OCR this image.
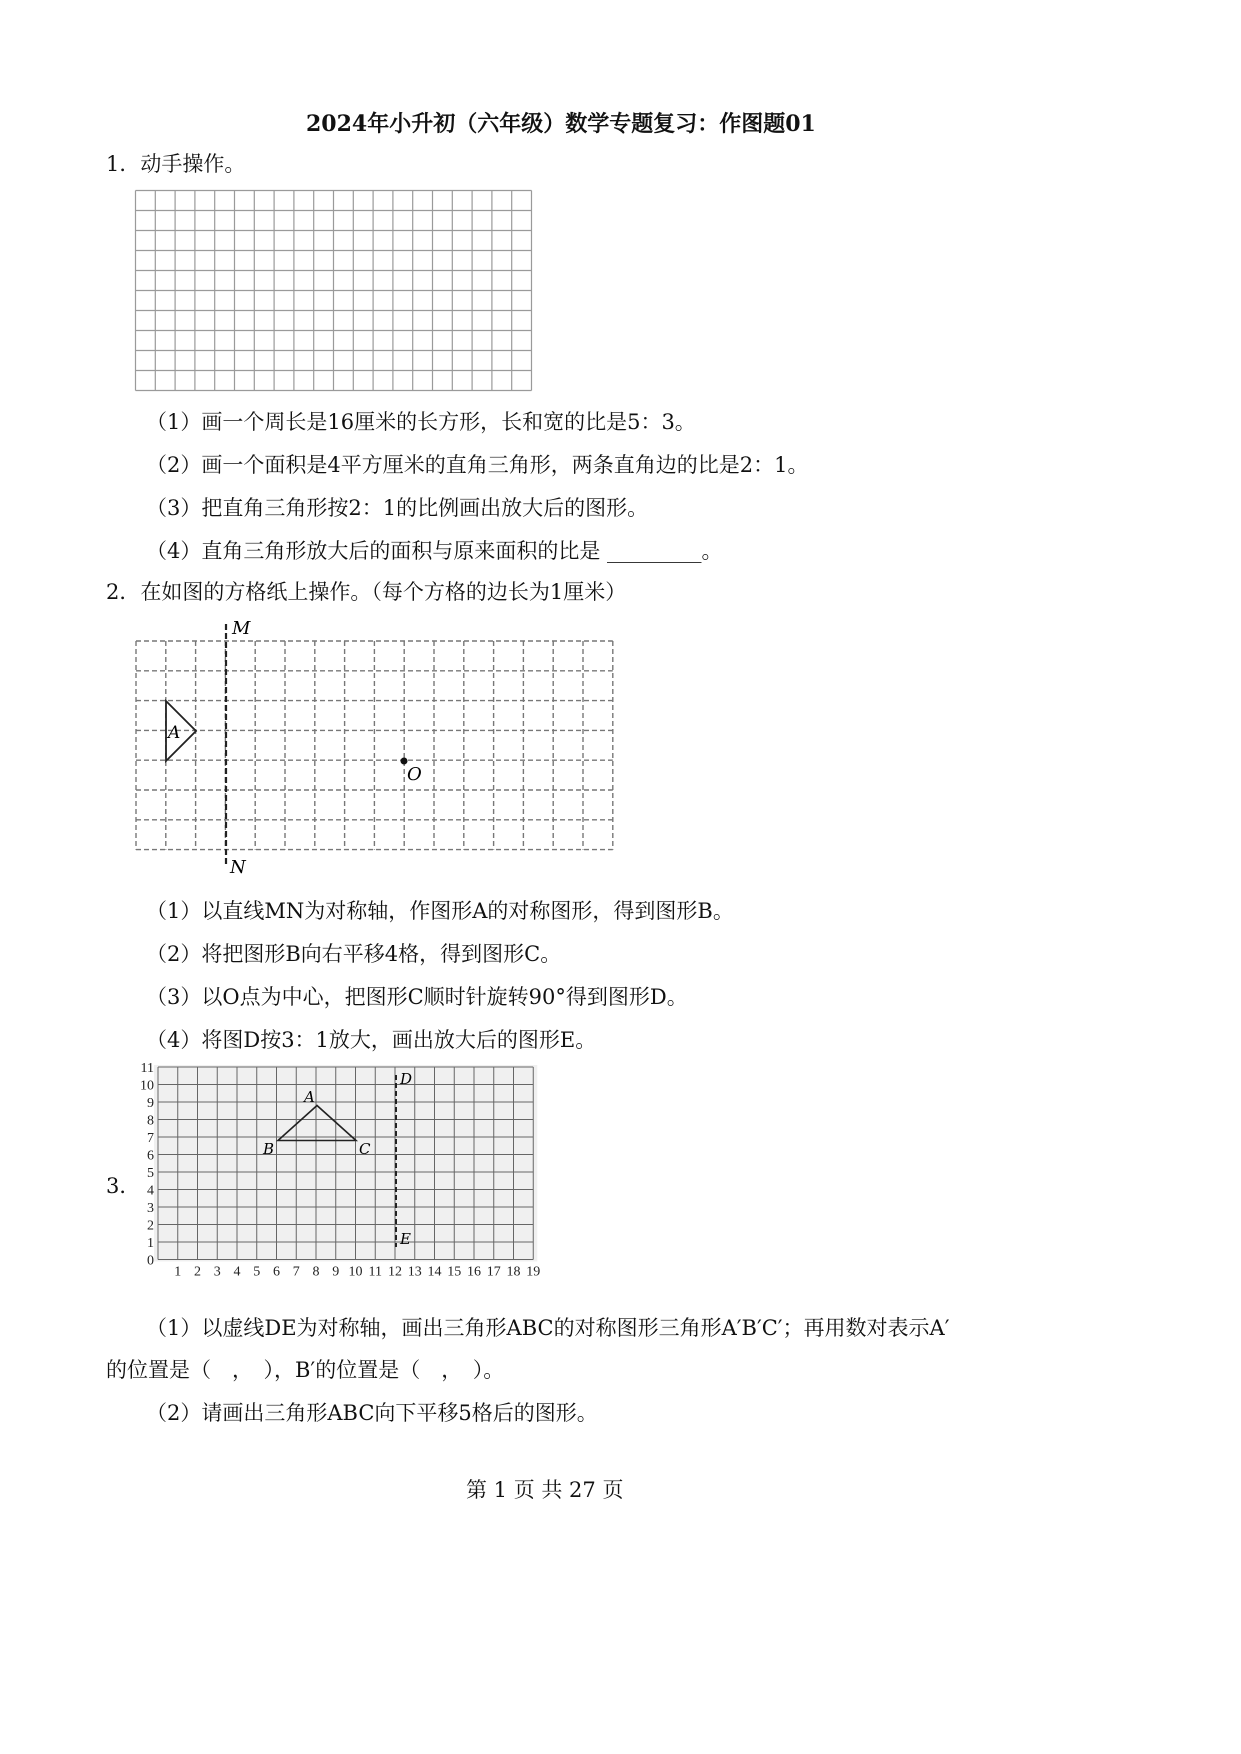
2024年小升初（六年级）数学专题复习：作图题01
1．动手操作。
（1）画一个周长是16厘米的长方形，长和宽的比是5：3。
（2）画一个面积是4平方厘米的直角三角形，两条直角边的比是2：1。
（3）把直角三角形按2：1的比例画出放大后的图形。
（4）直角三角形放大后的面积与原来面积的比是 _________。
2．在如图的方格纸上操作。（每个方格的边长为1厘米）
M
N
A
O
（1）以直线MN为对称轴，作图形A的对称图形，得到图形B。
（2）将把图形B向右平移4格，得到图形C。
（3）以O点为中心，把图形C顺时针旋转90°得到图形D。
（4）将图D按3：1放大，画出放大后的图形E。
3．
1 2 3 4 5 6 7 8 9 10 11 12 13 14 15 16 17 18 19
0
1
2
3
4
5
6
7
8
9
10
11
A
B	C
D
E
（1）以虚线DE为对称轴，画出三角形ABC的对称图形三角形A′B′C′；再用数对表示A′
的位置是（　，　），B′的位置是（　，　）。
（2）请画出三角形ABC向下平移5格后的图形。
第 1 页 共 27 页
